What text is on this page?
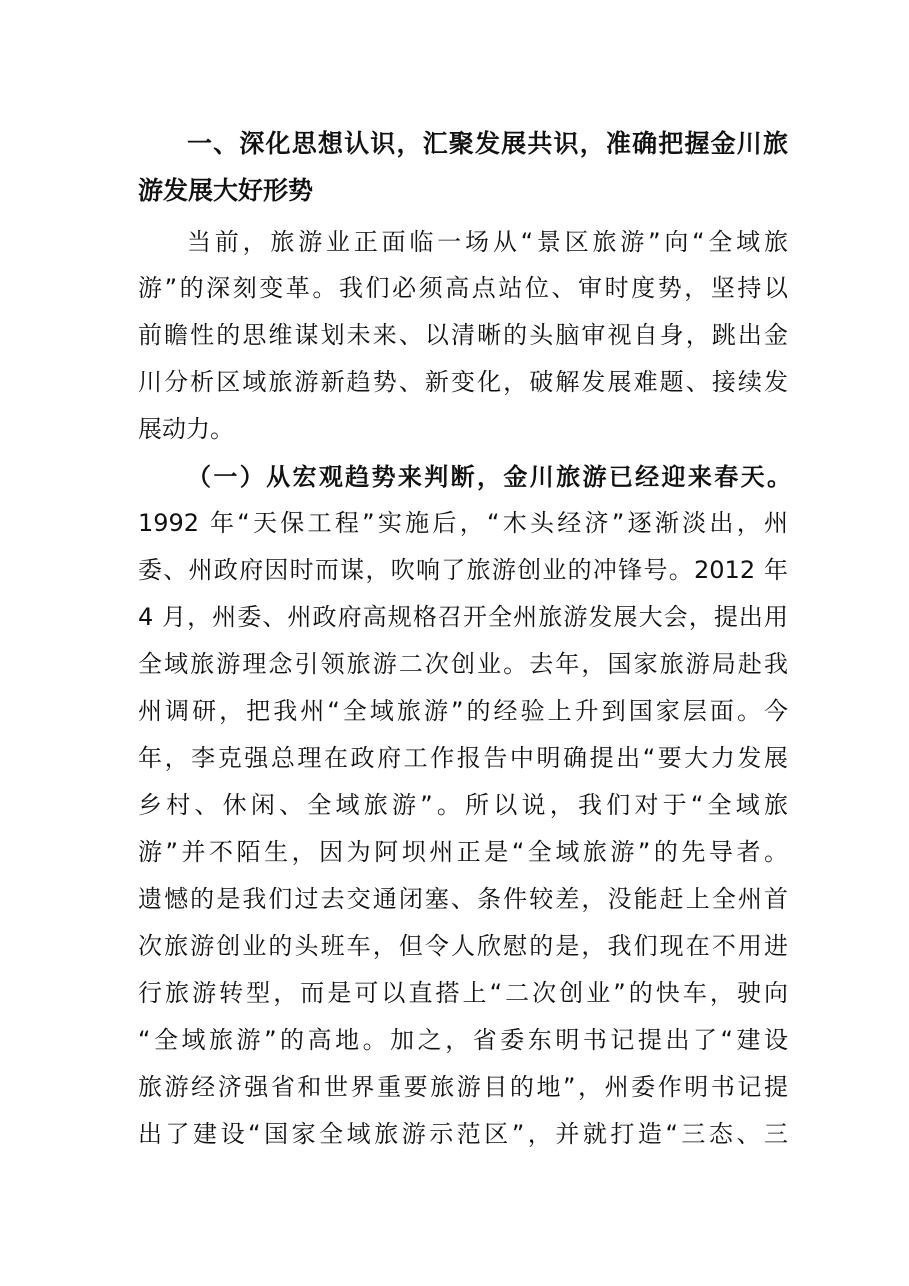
一、深化思想认识，汇聚发展共识，准确把握金川旅
游发展大好形势
当前，旅游业正面临一场从“景区旅游”向“全域旅
游”的深刻变革。我们必须高点站位、审时度势，坚持以
前瞻性的思维谋划未来、以清晰的头脑审视自身，跳出金
川分析区域旅游新趋势、新变化，破解发展难题、接续发
展动力。
（一）从宏观趋势来判断，金川旅游已经迎来春天。
1992 年“天保工程”实施后，“木头经济”逐渐淡出，州
委、州政府因时而谋，吹响了旅游创业的冲锋号。2012 年
4 月，州委、州政府高规格召开全州旅游发展大会，提出用
全域旅游理念引领旅游二次创业。去年，国家旅游局赴我
州调研，把我州“全域旅游”的经验上升到国家层面。今
年，李克强总理在政府工作报告中明确提出“要大力发展
乡村、休闲、全域旅游”。所以说，我们对于“全域旅
游”并不陌生，因为阿坝州正是“全域旅游”的先导者。
遗憾的是我们过去交通闭塞、条件较差，没能赶上全州首
次旅游创业的头班车，但令人欣慰的是，我们现在不用进
行旅游转型，而是可以直搭上“二次创业”的快车，驶向
“全域旅游”的高地。加之，省委东明书记提出了“建设
旅游经济强省和世界重要旅游目的地”，州委作明书记提
出了建设“国家全域旅游示范区”，并就打造“三态、三
